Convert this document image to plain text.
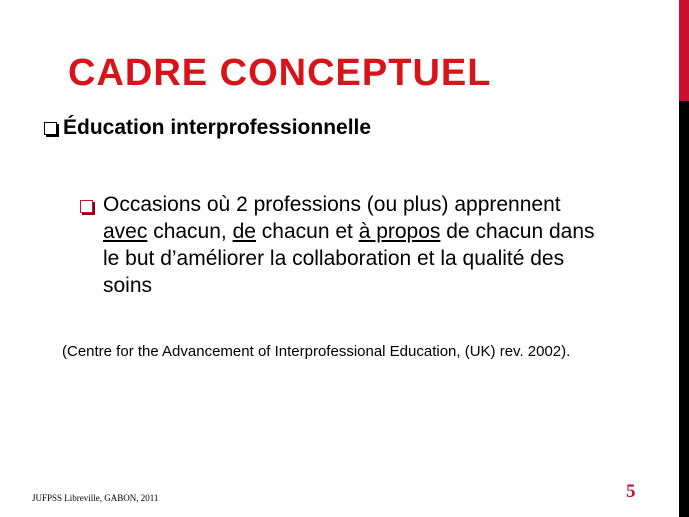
CADRE CONCEPTUEL
Éducation interprofessionnelle
Occasions où 2 professions (ou plus) apprennent
avec chacun, de chacun et à propos de chacun dans
le but d’améliorer la collaboration et la qualité des
soins
(Centre for the Advancement of Interprofessional Education, (UK) rev. 2002).
JUFPSS Libreville, GABON, 2011	5
